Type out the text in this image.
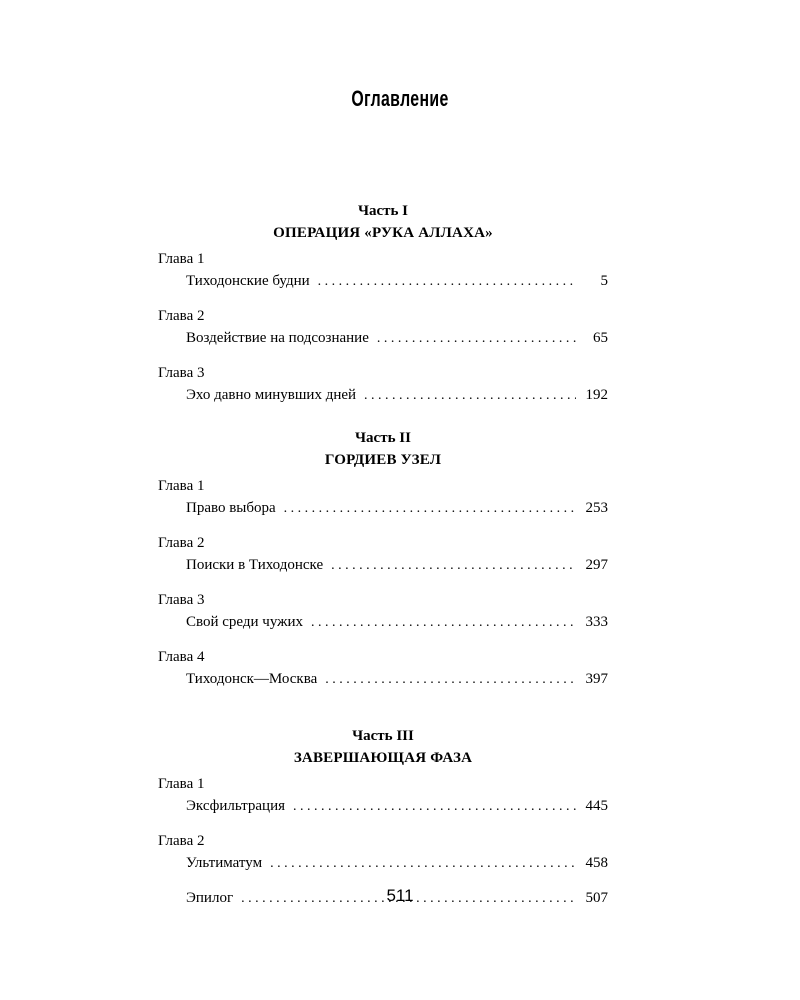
Оглавление
Часть I
ОПЕРАЦИЯ «РУКА АЛЛАХА»
Глава 1
Тиходонские будни . . .	5
Глава 2
Воздействие на подсознание . . .	65
Глава 3
Эхо давно минувших дней . . .	192
Часть II
ГОРДИЕВ УЗЕЛ
Глава 1
Право выбора . . .	253
Глава 2
Поиски в Тиходонске . . .	297
Глава 3
Свой среди чужих . . .	333
Глава 4
Тиходонск—Москва . . .	397
Часть III
ЗАВЕРШАЮЩАЯ ФАЗА
Глава 1
Эксфильтрация . . .	445
Глава 2
Ультиматум . . .	458
Эпилог . . .	507
511
